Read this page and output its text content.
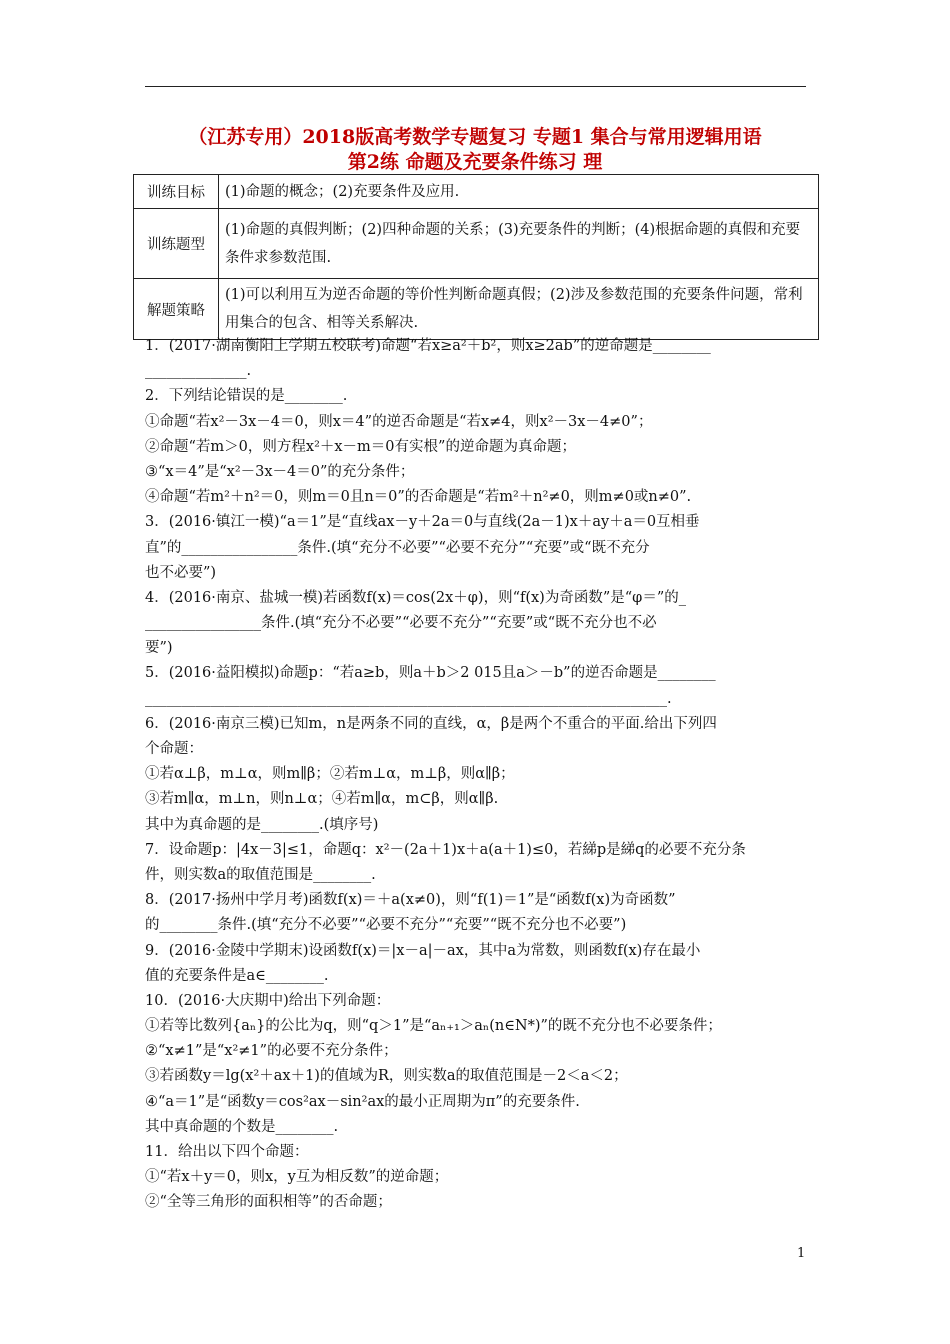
（江苏专用）2018版高考数学专题复习 专题1 集合与常用逻辑用语
第2练 命题及充要条件练习 理
训练目标	(1)命题的概念；(2)充要条件及应用.
训练题型	(1)命题的真假判断；(2)四种命题的关系；(3)充要条件的判断；(4)根据命题的真假和充要条件求参数范围.
解题策略	(1)可以利用互为逆否命题的等价性判断命题真假；(2)涉及参数范围的充要条件问题，常利用集合的包含、相等关系解决.
1．(2017·湖南衡阳上学期五校联考)命题“若x≥a²＋b²，则x≥2ab”的逆命题是________
______________.
2．下列结论错误的是________.
①命题“若x²－3x－4＝0，则x＝4”的逆否命题是“若x≠4，则x²－3x－4≠0”；
②命题“若m＞0，则方程x²＋x－m＝0有实根”的逆命题为真命题；
③“x＝4”是“x²－3x－4＝0”的充分条件；
④命题“若m²＋n²＝0，则m＝0且n＝0”的否命题是“若m²＋n²≠0，则m≠0或n≠0”.
3．(2016·镇江一模)“a＝1”是“直线ax－y＋2a＝0与直线(2a－1)x＋ay＋a＝0互相垂
直”的________________条件.(填“充分不必要”“必要不充分”“充要”或“既不充分
也不必要”)
4．(2016·南京、盐城一模)若函数f(x)＝cos(2x＋φ)，则“f(x)为奇函数”是“φ＝”的_
________________条件.(填“充分不必要”“必要不充分”“充要”或“既不充分也不必
要”)
5．(2016·益阳模拟)命题p：“若a≥b，则a＋b＞2 015且a＞－b”的逆否命题是________
________________________________________________________________________.
6．(2016·南京三模)已知m，n是两条不同的直线，α，β是两个不重合的平面.给出下列四
个命题：
①若α⊥β，m⊥α，则m∥β；②若m⊥α，m⊥β，则α∥β；
③若m∥α，m⊥n，则n⊥α；④若m∥α，m⊂β，则α∥β.
其中为真命题的是________.(填序号)
7．设命题p：|4x－3|≤1，命题q：x²－(2a＋1)x＋a(a＋1)≤0，若綈p是綈q的必要不充分条
件，则实数a的取值范围是________.
8．(2017·扬州中学月考)函数f(x)＝＋a(x≠0)，则“f(1)＝1”是“函数f(x)为奇函数”
的________条件.(填“充分不必要”“必要不充分”“充要”“既不充分也不必要”)
9．(2016·金陵中学期末)设函数f(x)＝|x－a|－ax，其中a为常数，则函数f(x)存在最小
值的充要条件是a∈________.
10．(2016·大庆期中)给出下列命题：
①若等比数列{aₙ}的公比为q，则“q＞1”是“aₙ₊₁＞aₙ(n∈N*)”的既不充分也不必要条件；
②“x≠1”是“x²≠1”的必要不充分条件；
③若函数y＝lg(x²＋ax＋1)的值域为R，则实数a的取值范围是－2＜a＜2；
④“a＝1”是“函数y＝cos²ax－sin²ax的最小正周期为π”的充要条件.
其中真命题的个数是________.
11．给出以下四个命题：
①“若x＋y＝0，则x，y互为相反数”的逆命题；
②“全等三角形的面积相等”的否命题；
1
